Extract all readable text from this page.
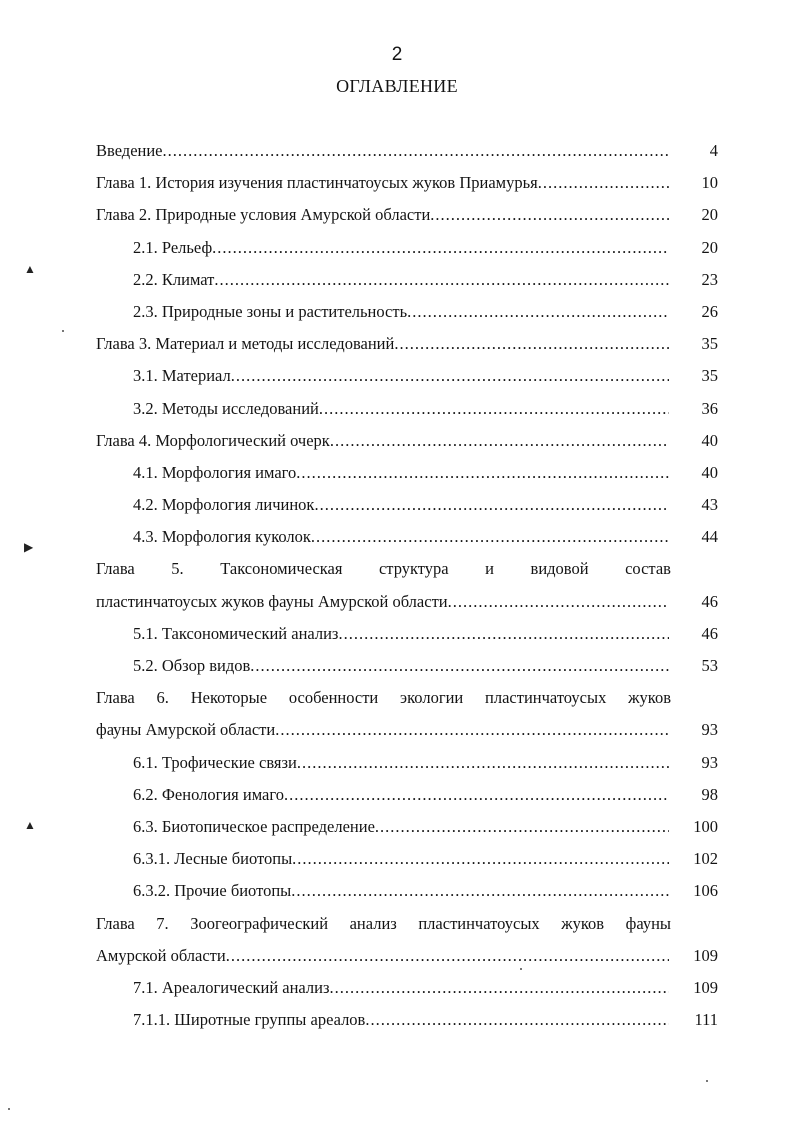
2
ОГЛАВЛЕНИЕ
Введение .....	4
Глава 1. История изучения пластинчатоусых жуков Приамурья .....	10
Глава 2. Природные условия Амурской области .....	20
2.1. Рельеф .....	20
2.2. Климат .....	23
2.3. Природные зоны и растительность .....	26
Глава 3. Материал и методы исследований .....	35
3.1. Материал .....	35
3.2. Методы исследований .....	36
Глава 4. Морфологический очерк .....	40
4.1. Морфология имаго .....	40
4.2. Морфология личинок .....	43
4.3. Морфология куколок .....	44
Глава 5. Таксономическая структура и видовой состав
пластинчатоусых жуков фауны Амурской области .....	46
5.1. Таксономический анализ .....	46
5.2. Обзор видов .....	53
Глава 6. Некоторые особенности экологии пластинчатоусых жуков
фауны Амурской области .....	93
6.1. Трофические связи .....	93
6.2. Фенология имаго .....	98
6.3. Биотопическое распределение .....	100
6.3.1. Лесные биотопы .....	102
6.3.2. Прочие биотопы .....	106
Глава 7. Зоогеографический анализ пластинчатоусых жуков фауны
Амурской области .....	109
7.1. Ареалогический анализ .....	109
7.1.1. Широтные группы ареалов .....	111
▲
▶
▲
